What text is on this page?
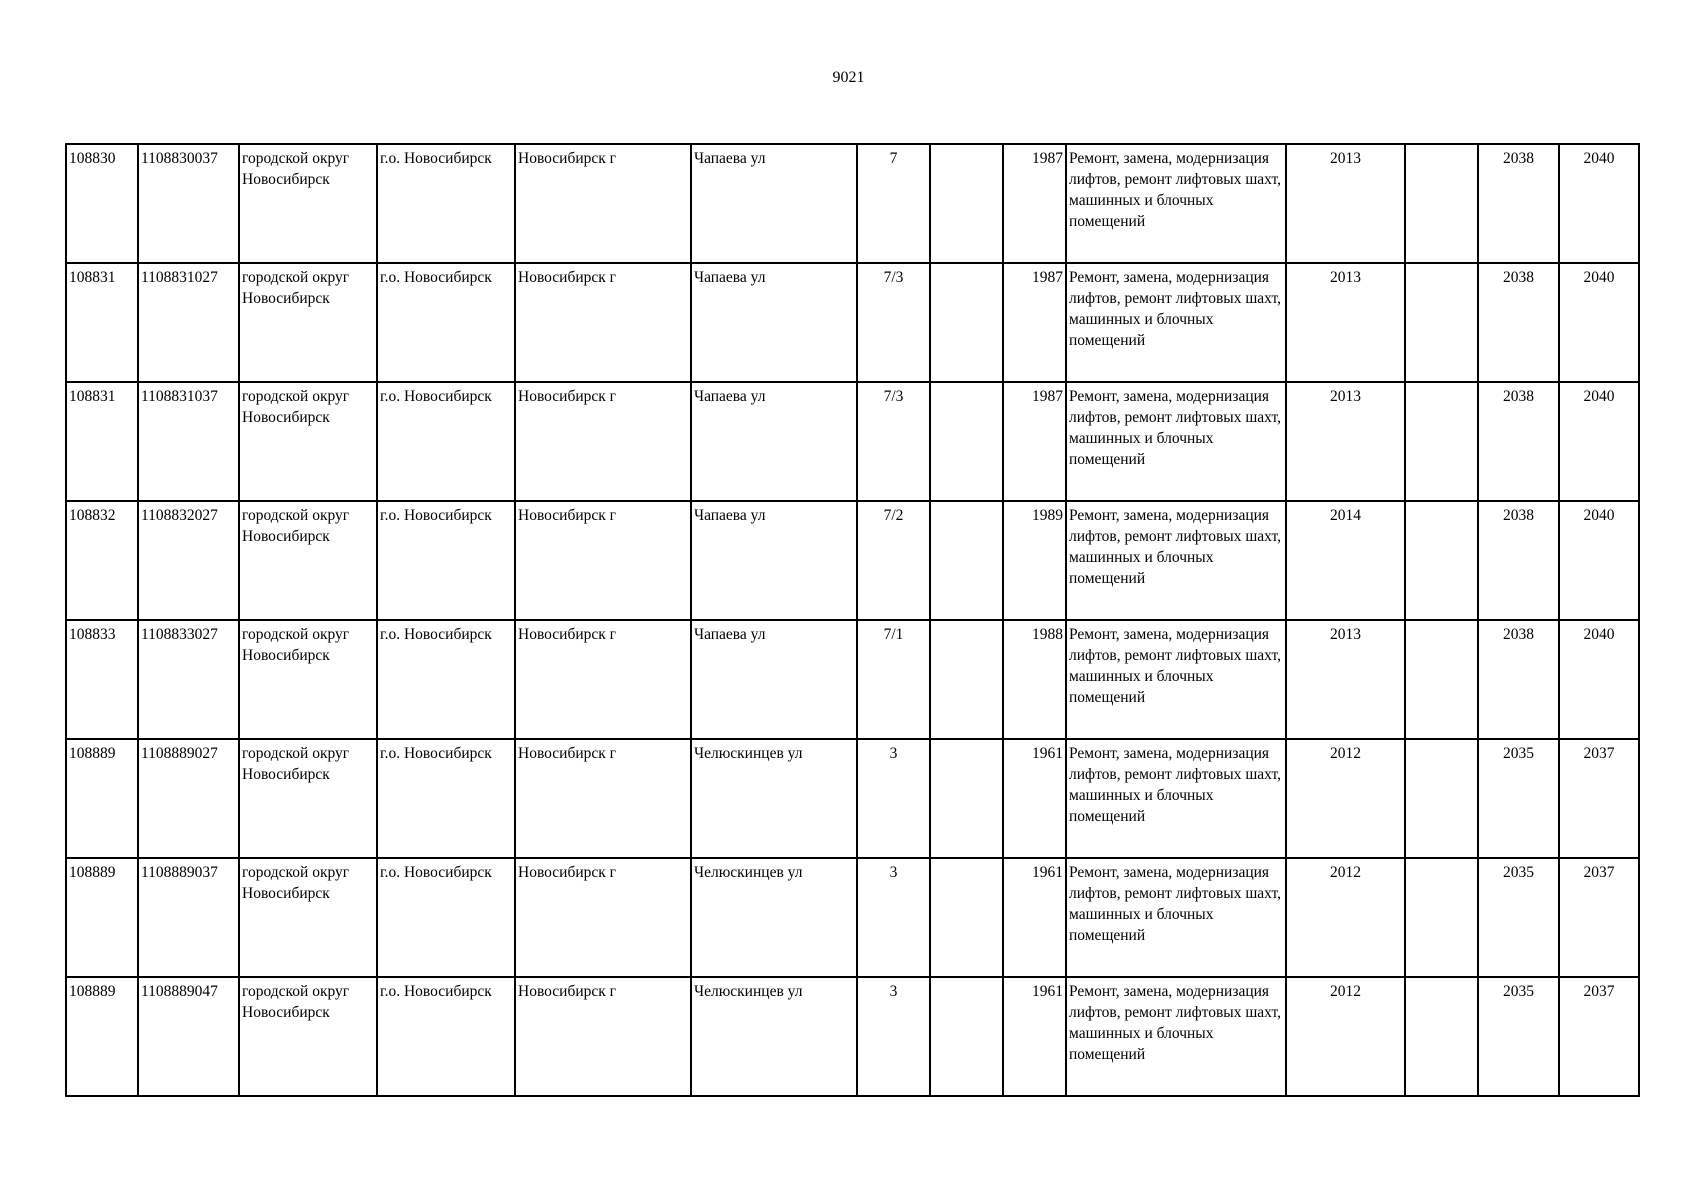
9021
108830	1108830037	городской округ Новосибирск	г.о. Новосибирск	Новосибирск г	Чапаева ул	7		1987	Ремонт, замена, модернизация лифтов, ремонт лифтовых шахт, машинных и блочных помещений	2013		2038	2040
108831	1108831027	городской округ Новосибирск	г.о. Новосибирск	Новосибирск г	Чапаева ул	7/3		1987	Ремонт, замена, модернизация лифтов, ремонт лифтовых шахт, машинных и блочных помещений	2013		2038	2040
108831	1108831037	городской округ Новосибирск	г.о. Новосибирск	Новосибирск г	Чапаева ул	7/3		1987	Ремонт, замена, модернизация лифтов, ремонт лифтовых шахт, машинных и блочных помещений	2013		2038	2040
108832	1108832027	городской округ Новосибирск	г.о. Новосибирск	Новосибирск г	Чапаева ул	7/2		1989	Ремонт, замена, модернизация лифтов, ремонт лифтовых шахт, машинных и блочных помещений	2014		2038	2040
108833	1108833027	городской округ Новосибирск	г.о. Новосибирск	Новосибирск г	Чапаева ул	7/1		1988	Ремонт, замена, модернизация лифтов, ремонт лифтовых шахт, машинных и блочных помещений	2013		2038	2040
108889	1108889027	городской округ Новосибирск	г.о. Новосибирск	Новосибирск г	Челюскинцев ул	3		1961	Ремонт, замена, модернизация лифтов, ремонт лифтовых шахт, машинных и блочных помещений	2012		2035	2037
108889	1108889037	городской округ Новосибирск	г.о. Новосибирск	Новосибирск г	Челюскинцев ул	3		1961	Ремонт, замена, модернизация лифтов, ремонт лифтовых шахт, машинных и блочных помещений	2012		2035	2037
108889	1108889047	городской округ Новосибирск	г.о. Новосибирск	Новосибирск г	Челюскинцев ул	3		1961	Ремонт, замена, модернизация лифтов, ремонт лифтовых шахт, машинных и блочных помещений	2012		2035	2037
